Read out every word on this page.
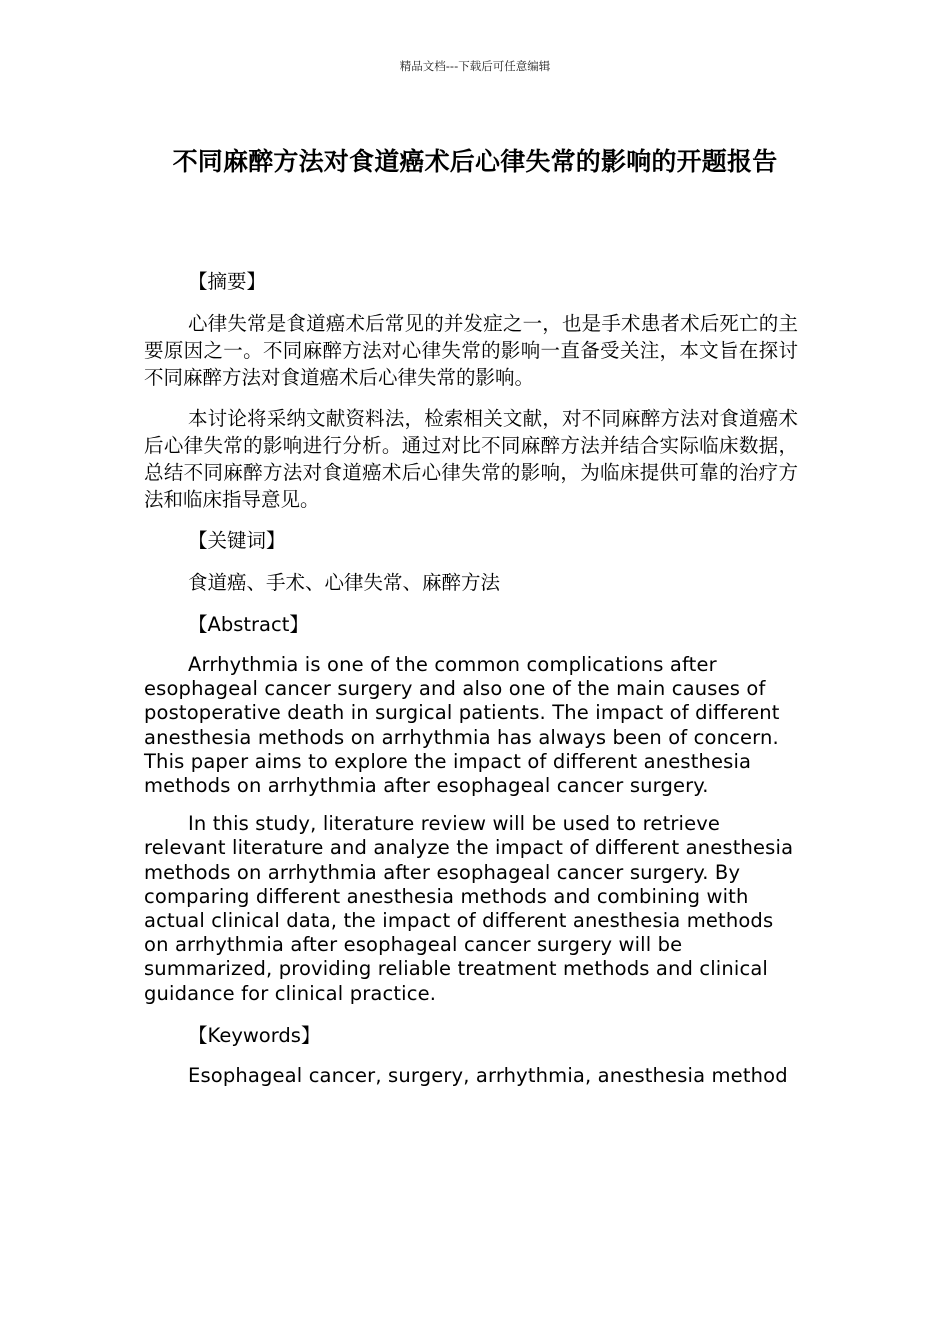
精品文档---下载后可任意编辑
不同麻醉方法对食道癌术后心律失常的影响的开题报告

【摘要】

心律失常是食道癌术后常见的并发症之一，也是手术患者术后死亡的主要原因之一。不同麻醉方法对心律失常的影响一直备受关注，本文旨在探讨不同麻醉方法对食道癌术后心律失常的影响。

本讨论将采纳文献资料法，检索相关文献，对不同麻醉方法对食道癌术后心律失常的影响进行分析。通过对比不同麻醉方法并结合实际临床数据，总结不同麻醉方法对食道癌术后心律失常的影响，为临床提供可靠的治疗方法和临床指导意见。

【关键词】

食道癌、手术、心律失常、麻醉方法

【Abstract】

Arrhythmia is one of the common complications after esophageal cancer surgery and also one of the main causes of postoperative death in surgical patients. The impact of different anesthesia methods on arrhythmia has always been of concern. This paper aims to explore the impact of different anesthesia methods on arrhythmia after esophageal cancer surgery.

In this study, literature review will be used to retrieve relevant literature and analyze the impact of different anesthesia methods on arrhythmia after esophageal cancer surgery. By comparing different anesthesia methods and combining with actual clinical data, the impact of different anesthesia methods on arrhythmia after esophageal cancer surgery will be summarized, providing reliable treatment methods and clinical guidance for clinical practice.

【Keywords】

Esophageal cancer, surgery, arrhythmia, anesthesia method
